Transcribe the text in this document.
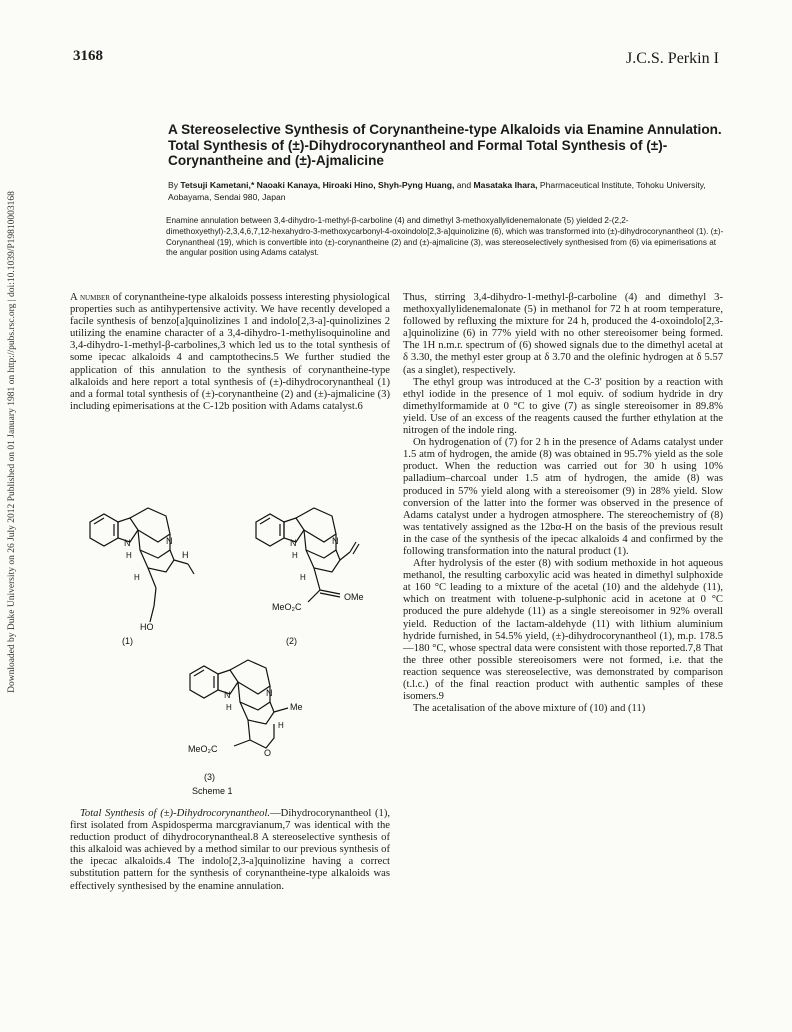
3168	J.C.S. Perkin I
Downloaded by Duke University on 26 July 2012 Published on 01 January 1981 on http://pubs.rsc.org | doi:10.1039/P19810003168
A Stereoselective Synthesis of Corynantheine-type Alkaloids via Enamine Annulation. Total Synthesis of (±)-Dihydrocorynantheol and Formal Total Synthesis of (±)-Corynantheine and (±)-Ajmalicine
By Tetsuji Kametani,* Naoaki Kanaya, Hiroaki Hino, Shyh-Pyng Huang, and Masataka Ihara, Pharmaceutical Institute, Tohoku University, Aobayama, Sendai 980, Japan
Enamine annulation between 3,4-dihydro-1-methyl-β-carboline (4) and dimethyl 3-methoxyallylidenemalonate (5) yielded 2-(2,2-dimethoxyethyl)-2,3,4,6,7,12-hexahydro-3-methoxycarbonyl-4-oxoindolo[2,3-a]quinolizine (6), which was transformed into (±)-dihydrocorynantheol (1). (±)-Corynantheal (19), which is convertible into (±)-corynantheine (2) and (±)-ajmalicine (3), was stereoselectively synthesised from (6) via epimerisations at the angular position using Adams catalyst.

A number of corynantheine-type alkaloids possess interesting physiological properties such as antihypertensive activity. We have recently developed a facile synthesis of benzo[a]quinolizines 1 and indolo[2,3-a]-quinolizines 2 utilizing the enamine character of a 3,4-dihydro-1-methylisoquinoline and 3,4-dihydro-1-methyl-β-carbolines,3 which led us to the total synthesis of some ipecac alkaloids 4 and camptothecins.5 We further studied the application of this annulation to the synthesis of corynantheine-type alkaloids and here report a total synthesis of (±)-dihydrocorynantheal (1) and a formal total synthesis of (±)-corynantheine (2) and (±)-ajmalicine (3) including epimerisations at the C-12b position with Adams catalyst.6

N	N
H
H
H
HO
(1)
N	N
H
H
OMe
MeO₂C
(2)
N	N
Me
O
H
H
MeO₂C
(3)
Scheme 1

Total Synthesis of (±)-Dihydrocorynantheol.—Dihydrocorynantheol (1), first isolated from Aspidosperma marcgravianum,7 was identical with the reduction product of dihydrocorynantheal.8 A stereoselective synthesis of this alkaloid was achieved by a method similar to our previous synthesis of the ipecac alkaloids.4 The indolo[2,3-a]quinolizine having a correct substitution pattern for the synthesis of corynantheine-type alkaloids was effectively synthesised by the enamine annulation.

Thus, stirring 3,4-dihydro-1-methyl-β-carboline (4) and dimethyl 3-methoxyallylidenemalonate (5) in methanol for 72 h at room temperature, followed by refluxing the mixture for 24 h, produced the 4-oxoindolo[2,3-a]quinolizine (6) in 77% yield with no other stereoisomer being formed. The 1H n.m.r. spectrum of (6) showed signals due to the dimethyl acetal at δ 3.30, the methyl ester group at δ 3.70 and the olefinic hydrogen at δ 5.57 (as a singlet), respectively.

The ethyl group was introduced at the C-3′ position by a reaction with ethyl iodide in the presence of 1 mol equiv. of sodium hydride in dry dimethylformamide at 0 °C to give (7) as single stereoisomer in 89.8% yield. Use of an excess of the reagents caused the further ethylation at the nitrogen of the indole ring.

On hydrogenation of (7) for 2 h in the presence of Adams catalyst under 1.5 atm of hydrogen, the amide (8) was obtained in 95.7% yield as the sole product. When the reduction was carried out for 30 h using 10% palladium–charcoal under 1.5 atm of hydrogen, the amide (8) was produced in 57% yield along with a stereoisomer (9) in 28% yield. Slow conversion of the latter into the former was observed in the presence of Adams catalyst under a hydrogen atmosphere. The stereochemistry of (8) was tentatively assigned as the 12bα-H on the basis of the previous result in the case of the synthesis of the ipecac alkaloids 4 and confirmed by the following transformation into the natural product (1).

After hydrolysis of the ester (8) with sodium methoxide in hot aqueous methanol, the resulting carboxylic acid was heated in dimethyl sulphoxide at 160 °C leading to a mixture of the acetal (10) and the aldehyde (11), which on treatment with toluene-p-sulphonic acid in acetone at 0 °C produced the pure aldehyde (11) as a single stereoisomer in 92% overall yield. Reduction of the lactam-aldehyde (11) with lithium aluminium hydride furnished, in 54.5% yield, (±)-dihydrocorynantheol (1), m.p. 178.5—180 °C, whose spectral data were consistent with those reported.7,8 That the three other possible stereoisomers were not formed, i.e. that the reaction sequence was stereoselective, was demonstrated by comparison (t.l.c.) of the final reaction product with authentic samples of these isomers.9

The acetalisation of the above mixture of (10) and (11)
